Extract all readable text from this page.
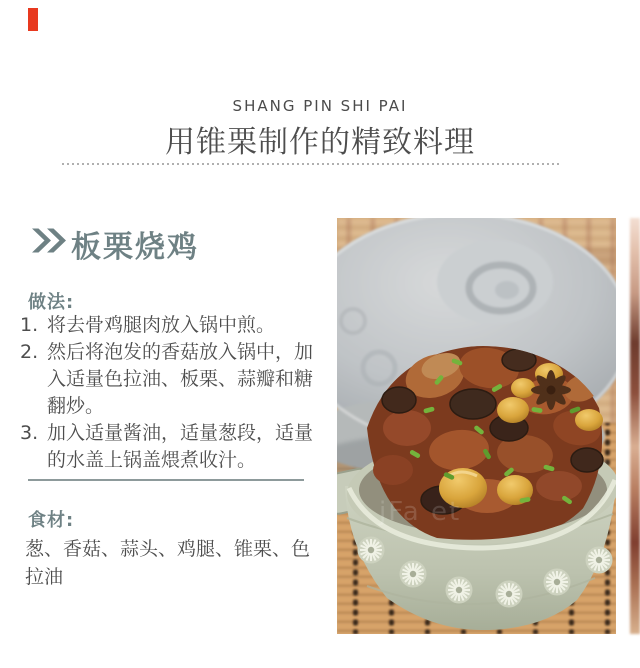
SHANG PIN SHI PAI
用锥栗制作的精致料理
板栗烧鸡
做法:
将去骨鸡腿肉放入锅中煎。
然后将泡发的香菇放入锅中，加入适量色拉油、板栗、蒜瓣和糖翻炒。
加入适量酱油，适量葱段，适量的水盖上锅盖煨煮收汁。
食材:
葱、香菇、蒜头、鸡腿、锥栗、色拉油
jFa et
